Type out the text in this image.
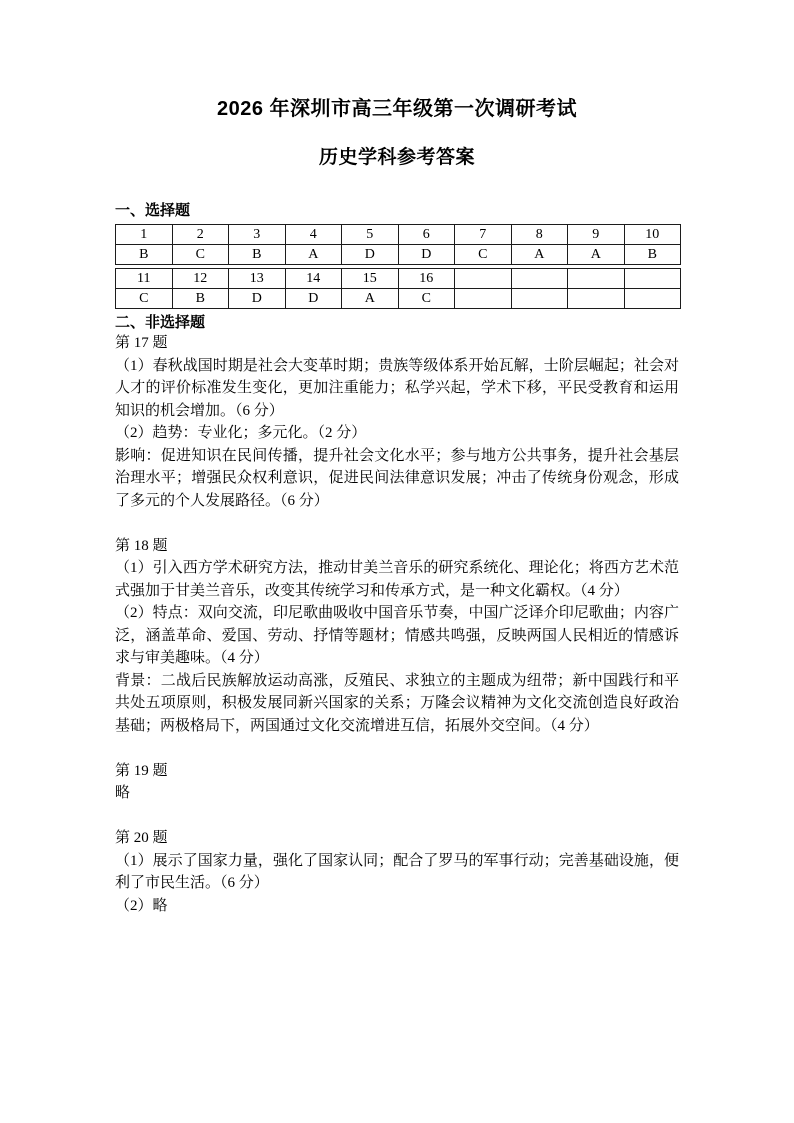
2026 年深圳市高三年级第一次调研考试
历史学科参考答案

一、选择题

1	2	3	4	5	6	7	8	9	10
B	C	B	A	D	D	C	A	A	B
11	12	13	14	15	16				
C	B	D	D	A	C				

二、非选择题

第 17 题

（1）春秋战国时期是社会大变革时期；贵族等级体系开始瓦解，士阶层崛起；社会对人才的评价标准发生变化，更加注重能力；私学兴起，学术下移，平民受教育和运用知识的机会增加。（6 分）

（2）趋势：专业化；多元化。（2 分）

影响：促进知识在民间传播，提升社会文化水平；参与地方公共事务，提升社会基层治理水平；增强民众权利意识，促进民间法律意识发展；冲击了传统身份观念，形成了多元的个人发展路径。（6 分）

第 18 题

（1）引入西方学术研究方法，推动甘美兰音乐的研究系统化、理论化；将西方艺术范式强加于甘美兰音乐，改变其传统学习和传承方式，是一种文化霸权。（4 分）

（2）特点：双向交流，印尼歌曲吸收中国音乐节奏，中国广泛译介印尼歌曲；内容广泛，涵盖革命、爱国、劳动、抒情等题材；情感共鸣强，反映两国人民相近的情感诉求与审美趣味。（4 分）

背景：二战后民族解放运动高涨，反殖民、求独立的主题成为纽带；新中国践行和平共处五项原则，积极发展同新兴国家的关系；万隆会议精神为文化交流创造良好政治基础；两极格局下，两国通过文化交流增进互信，拓展外交空间。（4 分）

第 19 题

略

第 20 题

（1）展示了国家力量，强化了国家认同；配合了罗马的军事行动；完善基础设施，便利了市民生活。（6 分）

（2）略
